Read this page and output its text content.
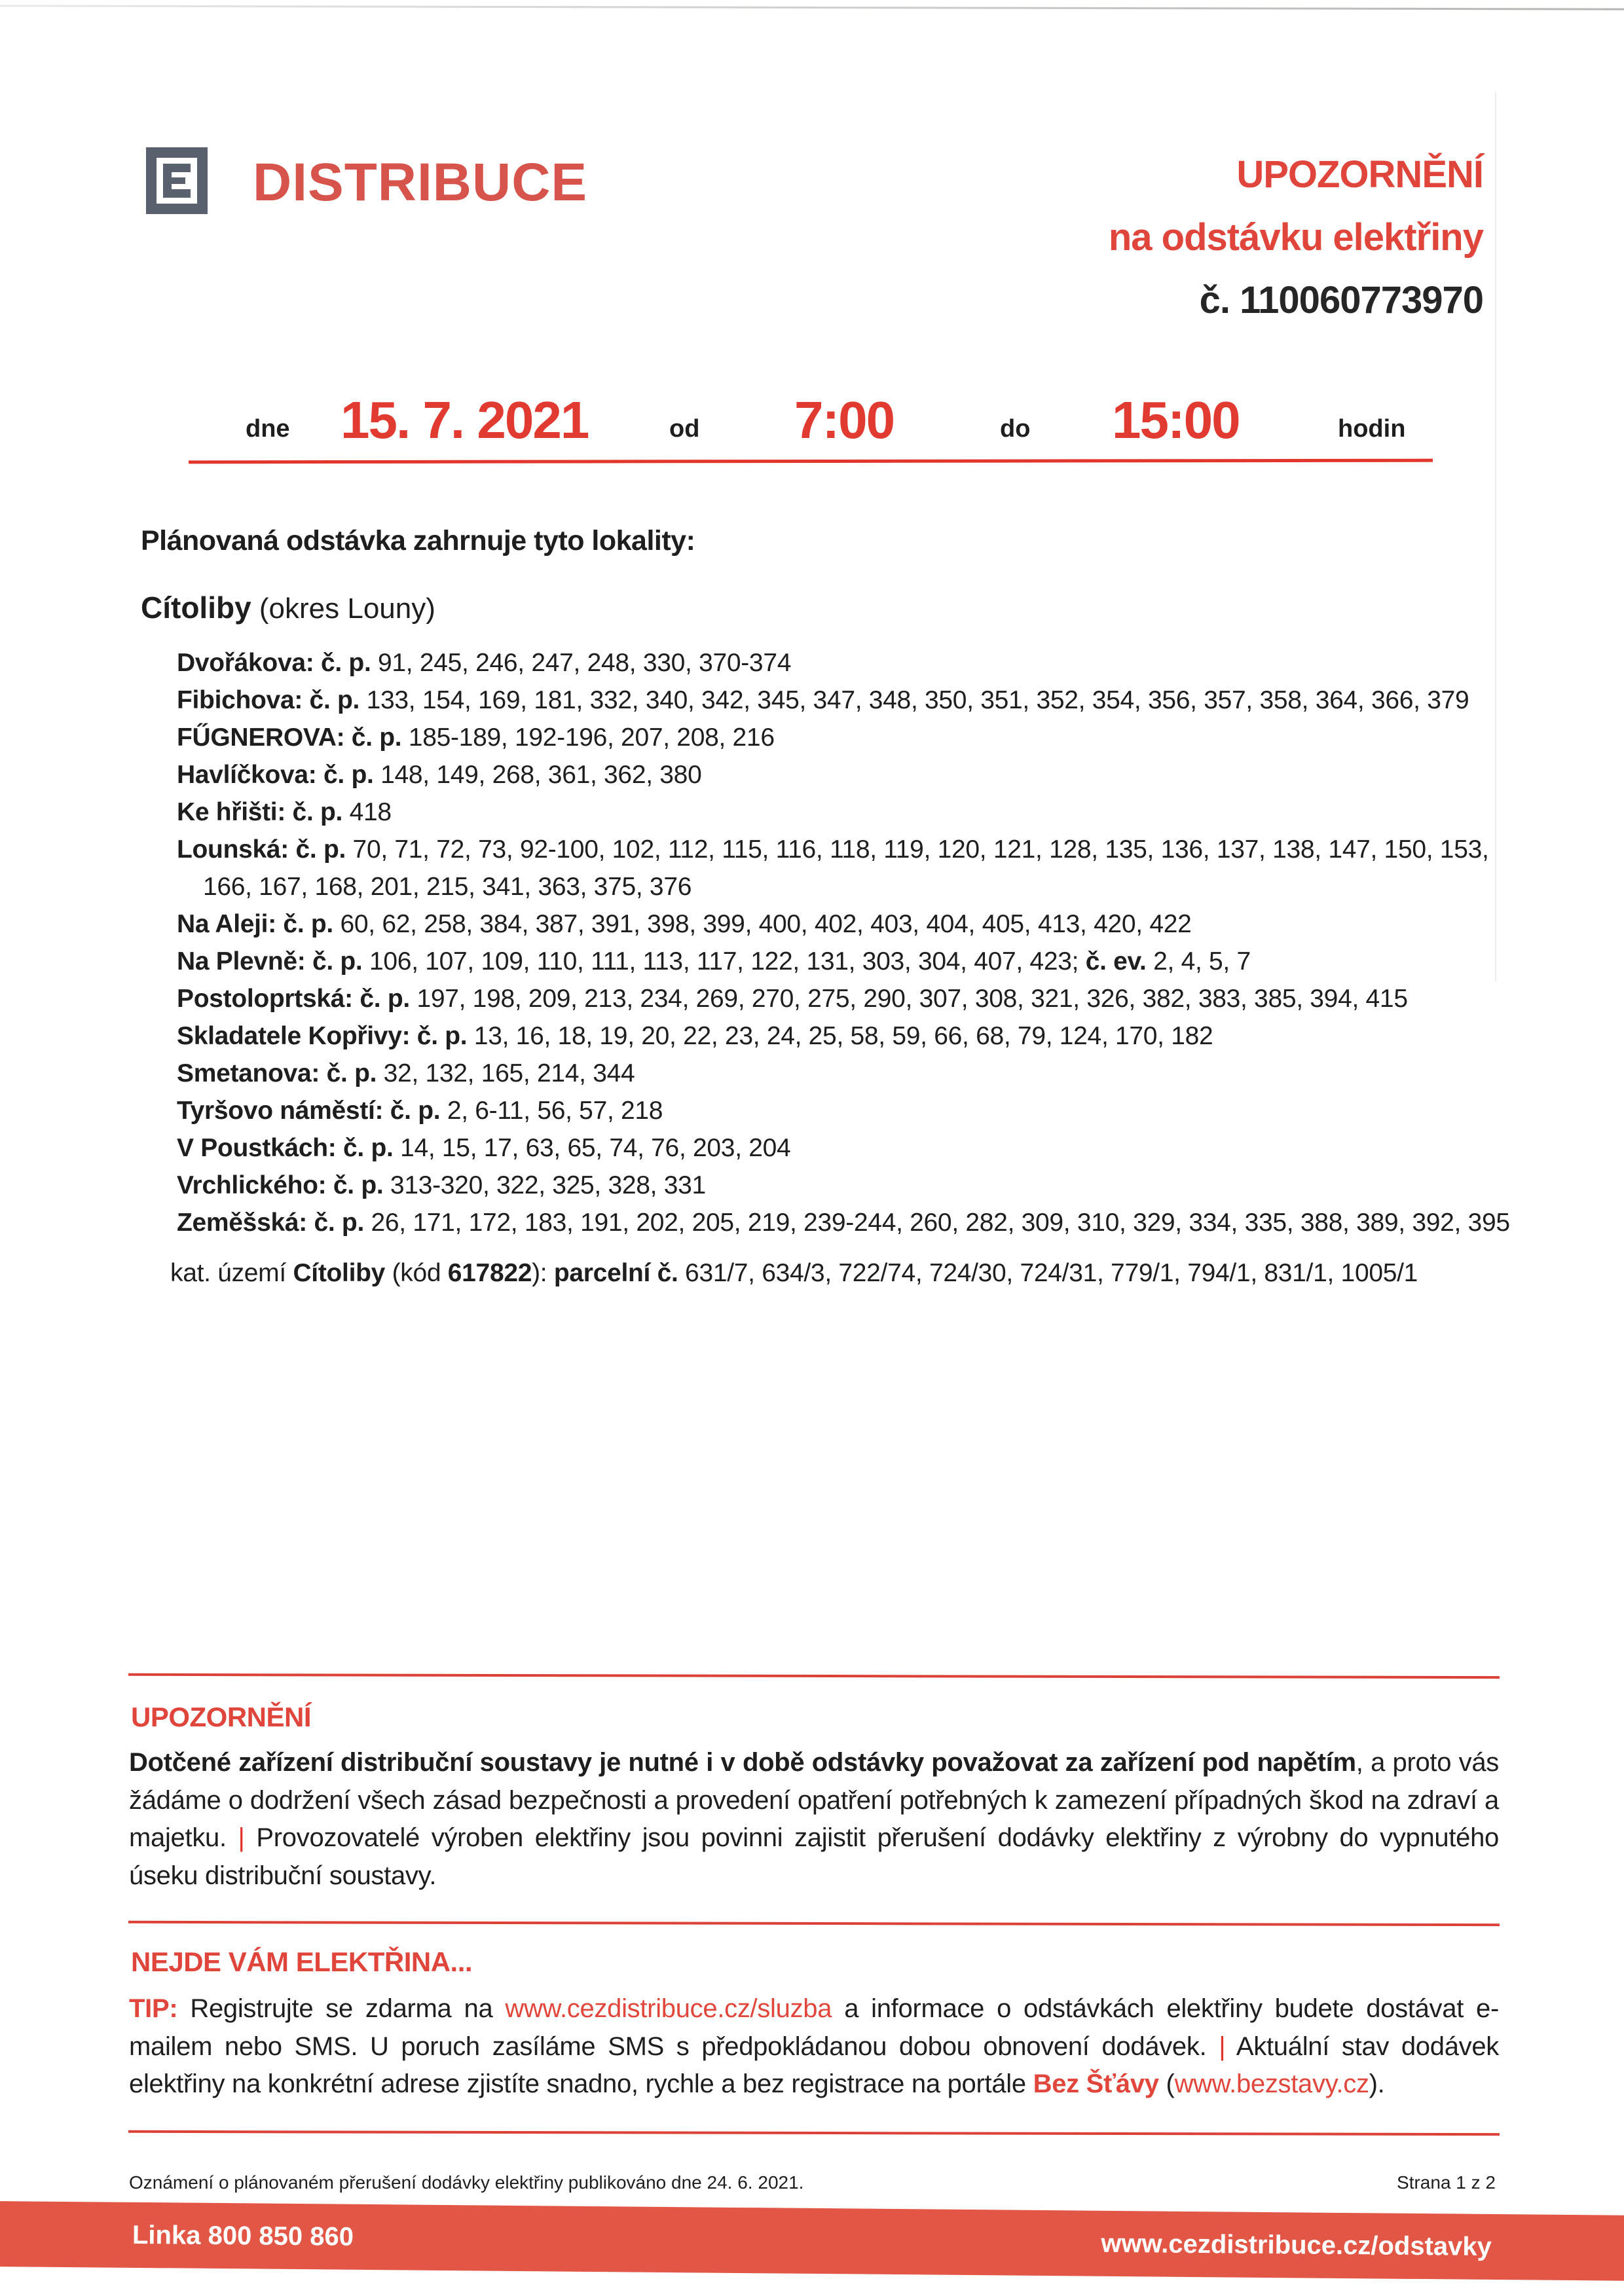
DISTRIBUCE	UPOZORNĚNÍ
na odstávku elektřiny
č. 110060773970
dne 15. 7. 2021	od 7:00	do 15:00	hodin
Plánovaná odstávka zahrnuje tyto lokality:
Cítoliby (okres Louny)
Dvořákova: č. p. 91, 245, 246, 247, 248, 330, 370-374
Fibichova: č. p. 133, 154, 169, 181, 332, 340, 342, 345, 347, 348, 350, 351, 352, 354, 356, 357, 358, 364, 366, 379
FŰGNEROVA: č. p. 185-189, 192-196, 207, 208, 216
Havlíčkova: č. p. 148, 149, 268, 361, 362, 380
Ke hřišti: č. p. 418
Lounská: č. p. 70, 71, 72, 73, 92-100, 102, 112, 115, 116, 118, 119, 120, 121, 128, 135, 136, 137, 138, 147, 150, 153, 166, 167, 168, 201, 215, 341, 363, 375, 376
Na Aleji: č. p. 60, 62, 258, 384, 387, 391, 398, 399, 400, 402, 403, 404, 405, 413, 420, 422
Na Plevně: č. p. 106, 107, 109, 110, 111, 113, 117, 122, 131, 303, 304, 407, 423; č. ev. 2, 4, 5, 7
Postoloprtská: č. p. 197, 198, 209, 213, 234, 269, 270, 275, 290, 307, 308, 321, 326, 382, 383, 385, 394, 415
Skladatele Kopřivy: č. p. 13, 16, 18, 19, 20, 22, 23, 24, 25, 58, 59, 66, 68, 79, 124, 170, 182
Smetanova: č. p. 32, 132, 165, 214, 344
Tyršovo náměstí: č. p. 2, 6-11, 56, 57, 218
V Poustkách: č. p. 14, 15, 17, 63, 65, 74, 76, 203, 204
Vrchlického: č. p. 313-320, 322, 325, 328, 331
Zeměšská: č. p. 26, 171, 172, 183, 191, 202, 205, 219, 239-244, 260, 282, 309, 310, 329, 334, 335, 388, 389, 392, 395
kat. území Cítoliby (kód 617822): parcelní č. 631/7, 634/3, 722/74, 724/30, 724/31, 779/1, 794/1, 831/1, 1005/1
UPOZORNĚNÍ
Dotčené zařízení distribuční soustavy je nutné i v době odstávky považovat za zařízení pod napětím, a proto vás žádáme o dodržení všech zásad bezpečnosti a provedení opatření potřebných k zamezení případných škod na zdraví a majetku. | Provozovatelé výroben elektřiny jsou povinni zajistit přerušení dodávky elektřiny z výrobny do vypnutého úseku distribuční soustavy.
NEJDE VÁM ELEKTŘINA...
TIP: Registrujte se zdarma na www.cezdistribuce.cz/sluzba a informace o odstávkách elektřiny budete dostávat e-mailem nebo SMS. U poruch zasíláme SMS s předpokládanou dobou obnovení dodávek. | Aktuální stav dodávek elektřiny na konkrétní adrese zjistíte snadno, rychle a bez registrace na portále Bez Šťávy (www.bezstavy.cz).
Oznámení o plánovaném přerušení dodávky elektřiny publikováno dne 24. 6. 2021.	Strana 1 z 2
Linka 800 850 860	www.cezdistribuce.cz/odstavky
